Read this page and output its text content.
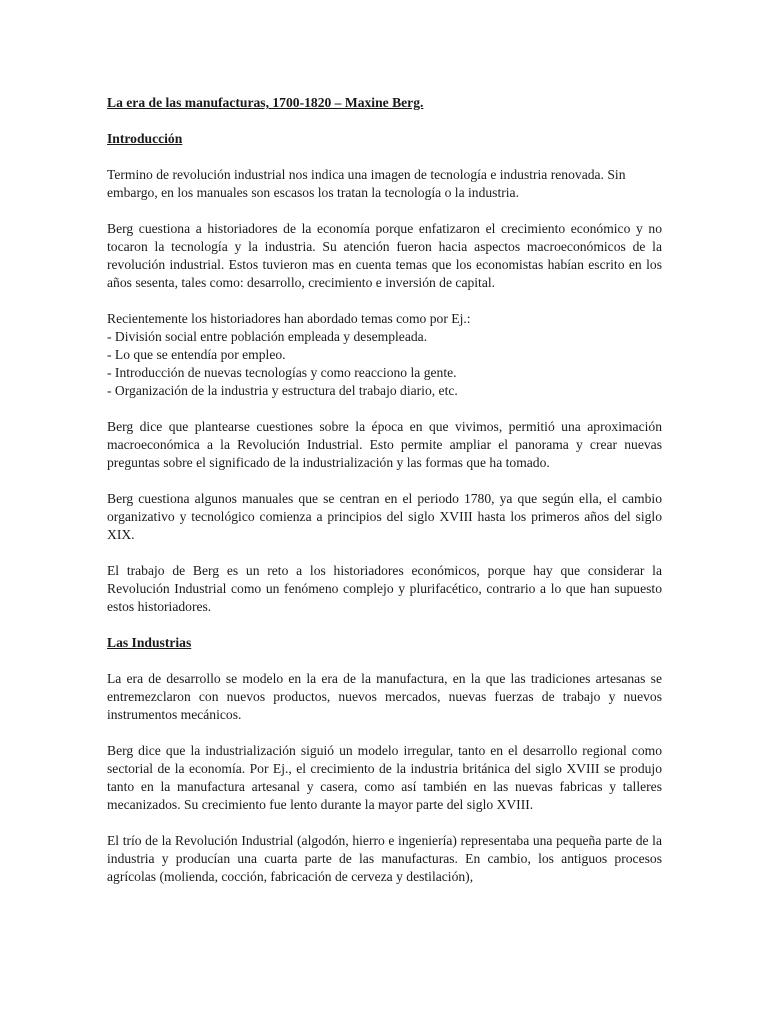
La era de las manufacturas, 1700-1820 – Maxine Berg.
Introducción

Termino de revolución industrial nos indica una imagen de tecnología e industria renovada. Sin embargo, en los manuales son escasos los tratan la tecnología o la industria.

Berg cuestiona a historiadores de la economía porque enfatizaron el crecimiento económico y no tocaron la tecnología y la industria. Su atención fueron hacia aspectos macroeconómicos de la revolución industrial. Estos tuvieron mas en cuenta temas que los economistas habían escrito en los años sesenta, tales como: desarrollo, crecimiento e inversión de capital.

Recientemente los historiadores han abordado temas como por Ej.:
- División social entre población empleada y desempleada.
- Lo que se entendía por empleo.
- Introducción de nuevas tecnologías y como reacciono la gente.
- Organización de la industria y estructura del trabajo diario, etc.

Berg dice que plantearse cuestiones sobre la época en que vivimos, permitió una aproximación macroeconómica a la Revolución Industrial. Esto permite ampliar el panorama y crear nuevas preguntas sobre el significado de la industrialización y las formas que ha tomado.

Berg cuestiona algunos manuales que se centran en el periodo 1780, ya que según ella, el cambio organizativo y tecnológico comienza a principios del siglo XVIII hasta los primeros años del siglo XIX.

El trabajo de Berg es un reto a los historiadores económicos, porque hay que considerar la Revolución Industrial como un fenómeno complejo y plurifacético, contrario a lo que han supuesto estos historiadores.

Las Industrias

La era de desarrollo se modelo en la era de la manufactura, en la que las tradiciones artesanas se entremezclaron con nuevos productos, nuevos mercados, nuevas fuerzas de trabajo y nuevos instrumentos mecánicos.

Berg dice que la industrialización siguió un modelo irregular, tanto en el desarrollo regional como sectorial de la economía. Por Ej., el crecimiento de la industria británica del siglo XVIII se produjo tanto en la manufactura artesanal y casera, como así también en las nuevas fabricas y talleres mecanizados. Su crecimiento fue lento durante la mayor parte del siglo XVIII.

El trío de la Revolución Industrial (algodón, hierro e ingeniería) representaba una pequeña parte de la industria y producían una cuarta parte de las manufacturas. En cambio, los antiguos procesos agrícolas (molienda, cocción, fabricación de cerveza y destilación),
